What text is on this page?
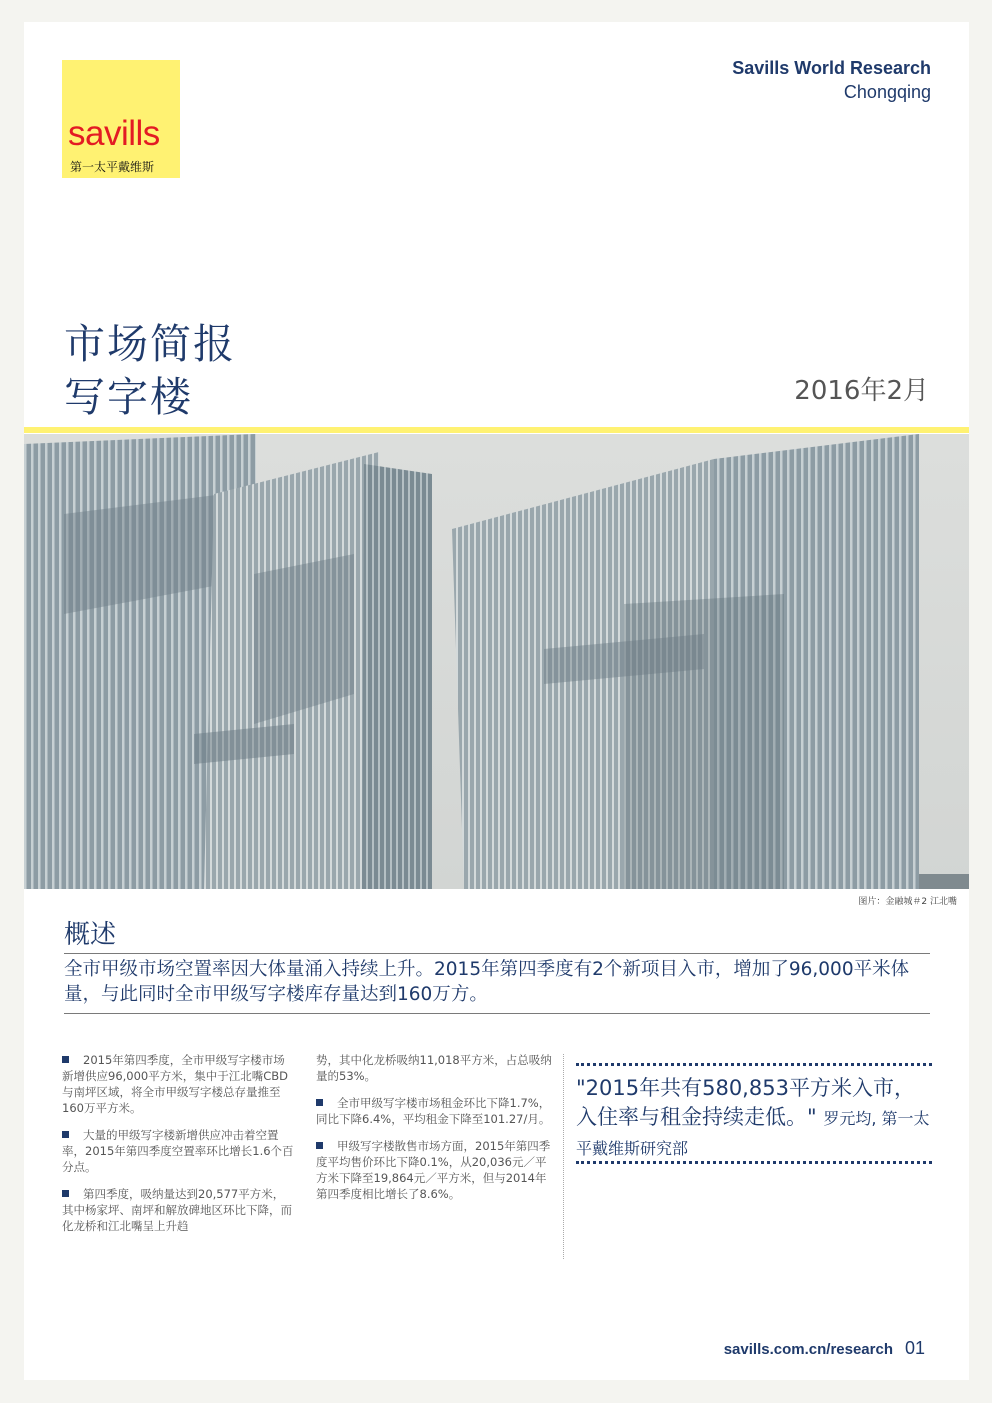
savills
第一太平戴维斯
Savills World Research
Chongqing
市场简报
写字楼	2016年2月
图片：金融城＃2 江北嘴
概述
全市甲级市场空置率因大体量涌入持续上升。2015年第四季度有2个新项目入市，增加了96,000平米体量，与此同时全市甲级写字楼库存量达到160万方。

2015年第四季度，全市甲级写字楼市场新增供应96,000平方米，集中于江北嘴CBD与南坪区域，将全市甲级写字楼总存量推至160万平方米。

大量的甲级写字楼新增供应冲击着空置率，2015年第四季度空置率环比增长1.6个百分点。

第四季度，吸纳量达到20,577平方米，其中杨家坪、南坪和解放碑地区环比下降，而化龙桥和江北嘴呈上升趋

势，其中化龙桥吸纳11,018平方米，占总吸纳量的53%。

全市甲级写字楼市场租金环比下降1.7%，同比下降6.4%，平均租金下降至101.27/月。

甲级写字楼散售市场方面，2015年第四季度平均售价环比下降0.1%，从20,036元／平方米下降至19,864元／平方米，但与2014年第四季度相比增长了8.6%。

"2015年共有580,853平方米入市，入住率与租金持续走低。" 罗元均, 第一太平戴维斯研究部
savills.com.cn/research 01
